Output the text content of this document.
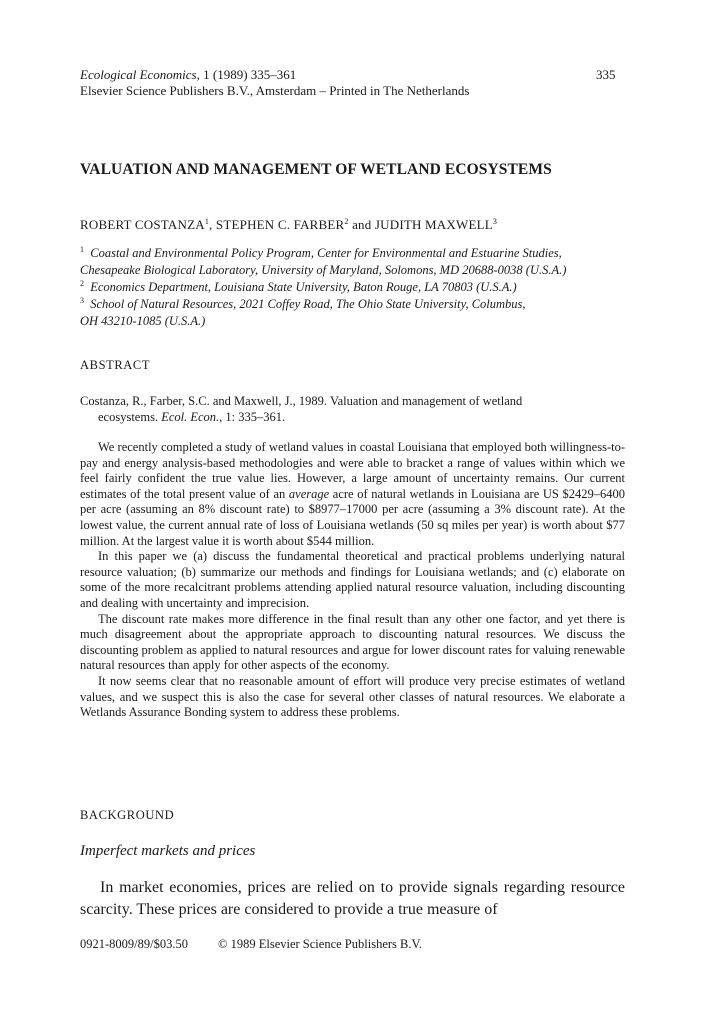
Ecological Economics, 1 (1989) 335–361
Elsevier Science Publishers B.V., Amsterdam – Printed in The Netherlands
335
VALUATION AND MANAGEMENT OF WETLAND ECOSYSTEMS
ROBERT COSTANZA$^1$, STEPHEN C. FARBER$^2$ and JUDITH MAXWELL$^3$
$^1$ Coastal and Environmental Policy Program, Center for Environmental and Estuarine Studies,
Chesapeake Biological Laboratory, University of Maryland, Solomons, MD 20688-0038 (U.S.A.)
$^2$ Economics Department, Louisiana State University, Baton Rouge, LA 70803 (U.S.A.)
$^3$ School of Natural Resources, 2021 Coffey Road, The Ohio State University, Columbus,
OH 43210-1085 (U.S.A.)
ABSTRACT
Costanza, R., Farber, S.C. and Maxwell, J., 1989. Valuation and management of wetland
ecosystems. Ecol. Econ., 1: 335–361.

We recently completed a study of wetland values in coastal Louisiana that employed both willingness-to-pay and energy analysis-based methodologies and were able to bracket a range of values within which we feel fairly confident the true value lies. However, a large amount of uncertainty remains. Our current estimates of the total present value of an average acre of natural wetlands in Louisiana are US $2429–6400 per acre (assuming an 8% discount rate) to $8977–17000 per acre (assuming a 3% discount rate). At the lowest value, the current annual rate of loss of Louisiana wetlands (50 sq miles per year) is worth about $77 million. At the largest value it is worth about $544 million.

In this paper we (a) discuss the fundamental theoretical and practical problems underlying natural resource valuation; (b) summarize our methods and findings for Louisiana wetlands; and (c) elaborate on some of the more recalcitrant problems attending applied natural resource valuation, including discounting and dealing with uncertainty and imprecision.

The discount rate makes more difference in the final result than any other one factor, and yet there is much disagreement about the appropriate approach to discounting natural resources. We discuss the discounting problem as applied to natural resources and argue for lower discount rates for valuing renewable natural resources than apply for other aspects of the economy.

It now seems clear that no reasonable amount of effort will produce very precise estimates of wetland values, and we suspect this is also the case for several other classes of natural resources. We elaborate a Wetlands Assurance Bonding system to address these problems.

BACKGROUND
Imperfect markets and prices

In market economies, prices are relied on to provide signals regarding resource scarcity. These prices are considered to provide a true measure of

0921-8009/89/$03.50 © 1989 Elsevier Science Publishers B.V.
